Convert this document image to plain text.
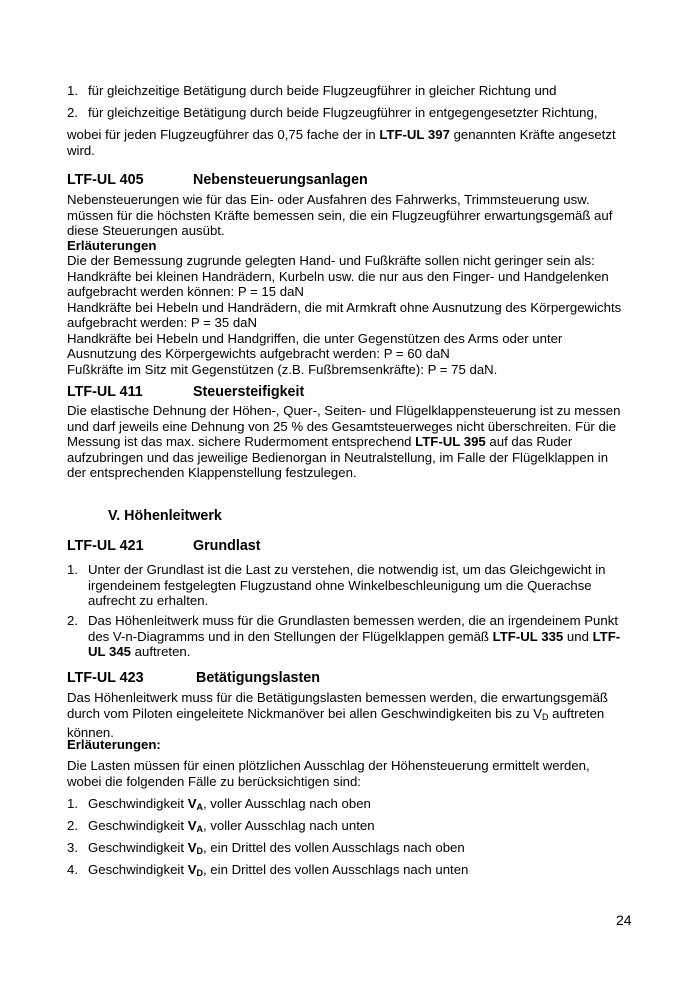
1. für gleichzeitige Betätigung durch beide Flugzeugführer in gleicher Richtung und
2. für gleichzeitige Betätigung durch beide Flugzeugführer in entgegengesetzter Richtung,

wobei für jeden Flugzeugführer das 0,75 fache der in LTF-UL 397 genannten Kräfte angesetzt wird.

LTF-UL 405	Nebensteuerungsanlagen

Nebensteuerungen wie für das Ein- oder Ausfahren des Fahrwerks, Trimmsteuerung usw. müssen für die höchsten Kräfte bemessen sein, die ein Flugzeugführer erwartungsgemäß auf diese Steuerungen ausübt.

Erläuterungen

Die der Bemessung zugrunde gelegten Hand- und Fußkräfte sollen nicht geringer sein als:

Handkräfte bei kleinen Handrädern, Kurbeln usw. die nur aus den Finger- und Handgelenken aufgebracht werden können: P = 15 daN

Handkräfte bei Hebeln und Handrädern, die mit Armkraft ohne Ausnutzung des Körpergewichts aufgebracht werden: P = 35 daN

Handkräfte bei Hebeln und Handgriffen, die unter Gegenstützen des Arms oder unter Ausnutzung des Körpergewichts aufgebracht werden: P = 60 daN

Fußkräfte im Sitz mit Gegenstützen (z.B. Fußbremsenkräfte): P = 75 daN.

LTF-UL 411	Steuersteifigkeit

Die elastische Dehnung der Höhen-, Quer-, Seiten- und Flügelklappensteuerung ist zu messen und darf jeweils eine Dehnung von 25 % des Gesamtsteuerweges nicht überschreiten. Für die Messung ist das max. sichere Rudermoment entsprechend LTF-UL 395 auf das Ruder aufzubringen und das jeweilige Bedienorgan in Neutralstellung, im Falle der Flügelklappen in der entsprechenden Klappenstellung festzulegen.

V. Höhenleitwerk
LTF-UL 421	Grundlast
1. Unter der Grundlast ist die Last zu verstehen, die notwendig ist, um das Gleichgewicht in irgendeinem festgelegten Flugzustand ohne Winkelbeschleunigung um die Querachse aufrecht zu erhalten.
2. Das Höhenleitwerk muss für die Grundlasten bemessen werden, die an irgendeinem Punkt des V-n-Diagramms und in den Stellungen der Flügelklappen gemäß LTF-UL 335 und LTF-UL 345 auftreten.
LTF-UL 423	Betätigungslasten

Das Höhenleitwerk muss für die Betätigungslasten bemessen werden, die erwartungsgemäß durch vom Piloten eingeleitete Nickmanöver bei allen Geschwindigkeiten bis zu VD auftreten können.

Erläuterungen:

Die Lasten müssen für einen plötzlichen Ausschlag der Höhensteuerung ermittelt werden, wobei die folgenden Fälle zu berücksichtigen sind:

1. Geschwindigkeit $V_A$, voller Ausschlag nach oben
2. Geschwindigkeit $V_A$, voller Ausschlag nach unten
3. Geschwindigkeit $V_D$, ein Drittel des vollen Ausschlags nach oben
4. Geschwindigkeit $V_D$, ein Drittel des vollen Ausschlags nach unten
24
